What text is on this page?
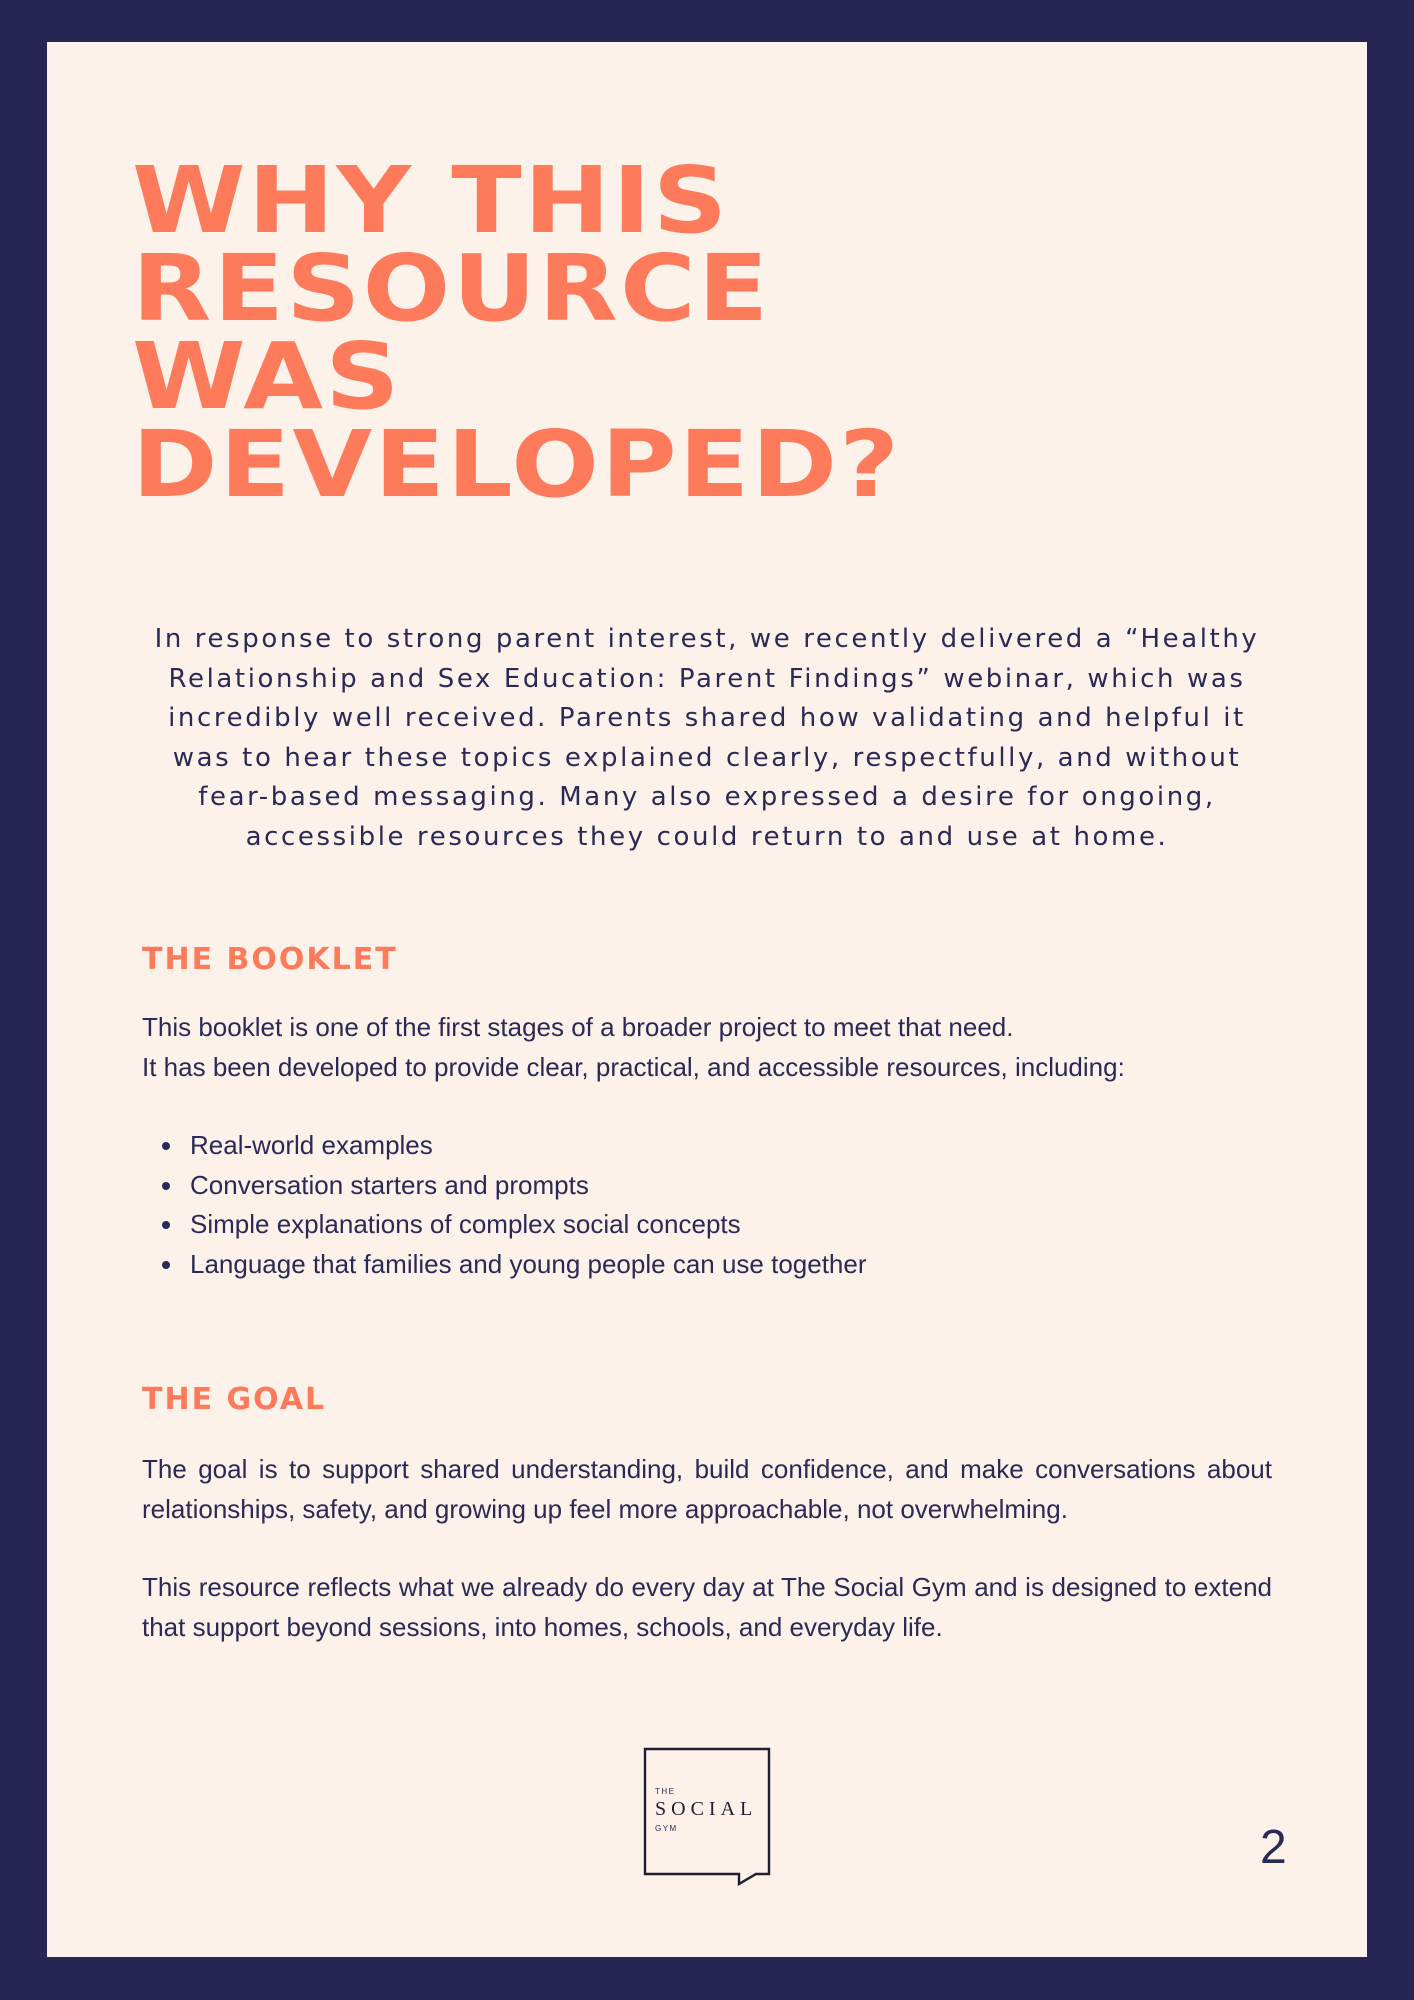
WHY THIS
RESOURCE
WAS
DEVELOPED?

In response to strong parent interest, we recently delivered a “Healthy Relationship and Sex Education: Parent Findings” webinar, which was incredibly well received. Parents shared how validating and helpful it was to hear these topics explained clearly, respectfully, and without fear-based messaging. Many also expressed a desire for ongoing, accessible resources they could return to and use at home.

THE BOOKLET

This booklet is one of the first stages of a broader project to meet that need.
It has been developed to provide clear, practical, and accessible resources, including:

Real-world examples
Conversation starters and prompts
Simple explanations of complex social concepts
Language that families and young people can use together
THE GOAL

The goal is to support shared understanding, build confidence, and make conversations about relationships, safety, and growing up feel more approachable, not overwhelming.

This resource reflects what we already do every day at The Social Gym and is designed to extend that support beyond sessions, into homes, schools, and everyday life.

THE
SOCIAL
GYM	2
